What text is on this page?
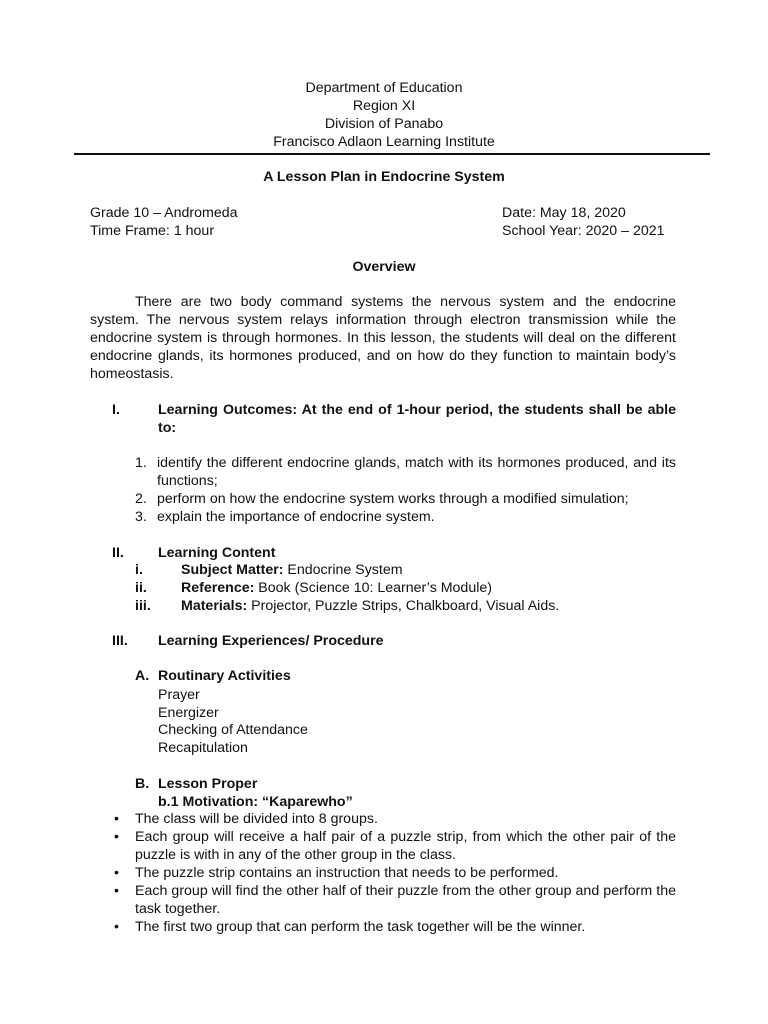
Department of Education
Region XI
Division of Panabo
Francisco Adlaon Learning Institute
A Lesson Plan in Endocrine System
Grade 10 – Andromeda
Time Frame: 1 hour
Date: May 18, 2020
School Year: 2020 – 2021
Overview
There are two body command systems the nervous system and the endocrine system. The nervous system relays information through electron transmission while the endocrine system is through hormones. In this lesson, the students will deal on the different endocrine glands, its hormones produced, and on how do they function to maintain body’s homeostasis.
I.	Learning Outcomes: At the end of 1-hour period, the students shall be able to:
1. identify the different endocrine glands, match with its hormones produced, and its functions;
2. perform on how the endocrine system works through a modified simulation;
3. explain the importance of endocrine system.
II. Learning Content
i.	Subject Matter: Endocrine System
ii. Reference: Book (Science 10: Learner’s Module)
iii. Materials: Projector, Puzzle Strips, Chalkboard, Visual Aids.
III. Learning Experiences/ Procedure
A. Routinary Activities
Prayer
Energizer
Checking of Attendance
Recapitulation
B. Lesson Proper
b.1 Motivation: “Kaparewho”
• The class will be divided into 8 groups.
• Each group will receive a half pair of a puzzle strip, from which the other pair of the puzzle is with in any of the other group in the class.
• The puzzle strip contains an instruction that needs to be performed.
• Each group will find the other half of their puzzle from the other group and perform the task together.
• The first two group that can perform the task together will be the winner.
